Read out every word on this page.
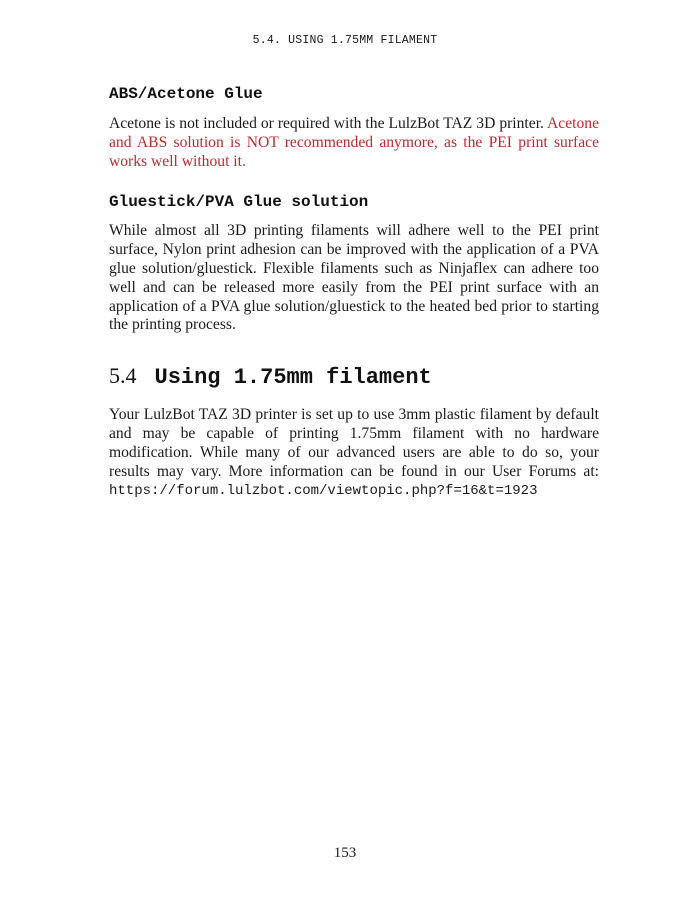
5.4. USING 1.75MM FILAMENT
ABS/Acetone Glue

Acetone is not included or required with the LulzBot TAZ 3D printer. Acetone and ABS solution is NOT recommended anymore, as the PEI print surface works well without it.

Gluestick/PVA Glue solution

While almost all 3D printing filaments will adhere well to the PEI print surface, Nylon print adhesion can be improved with the application of a PVA glue solution/gluestick. Flexible filaments such as Ninjaflex can adhere too well and can be released more easily from the PEI print surface with an application of a PVA glue solution/gluestick to the heated bed prior to starting the printing process.

5.4 Using 1.75mm filament

Your LulzBot TAZ 3D printer is set up to use 3mm plastic filament by default and may be capable of printing 1.75mm filament with no hardware modification. While many of our advanced users are able to do so, your results may vary. More information can be found in our User Forums at: https://forum.lulzbot.com/viewtopic.php?f=16&t=1923

153
